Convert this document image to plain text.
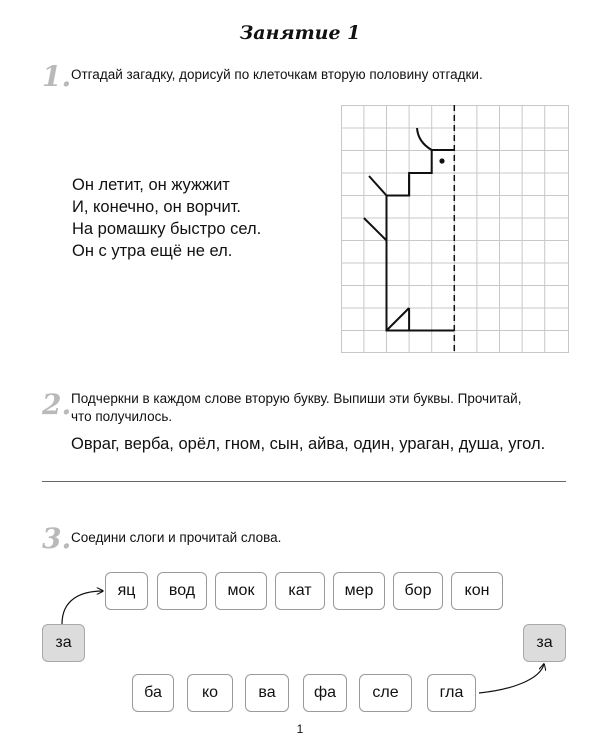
Занятие 1
1. Отгадай загадку, дорисуй по клеточкам вторую половину отгадки.
Он летит, он жужжит
И, конечно, он ворчит.
На ромашку быстро сел.
Он с утра ещё не ел.
2. Подчеркни в каждом слове вторую букву. Выпиши эти буквы. Прочитай,
что получилось.
Овраг, верба, орёл, гном, сын, айва, один, ураган, душа, угол.
3. Соедини слоги и прочитай слова.
за	за
яц	вод	мок	кат	мер	бор	кон
ба	ко	ва	фа	сле	гла
1
